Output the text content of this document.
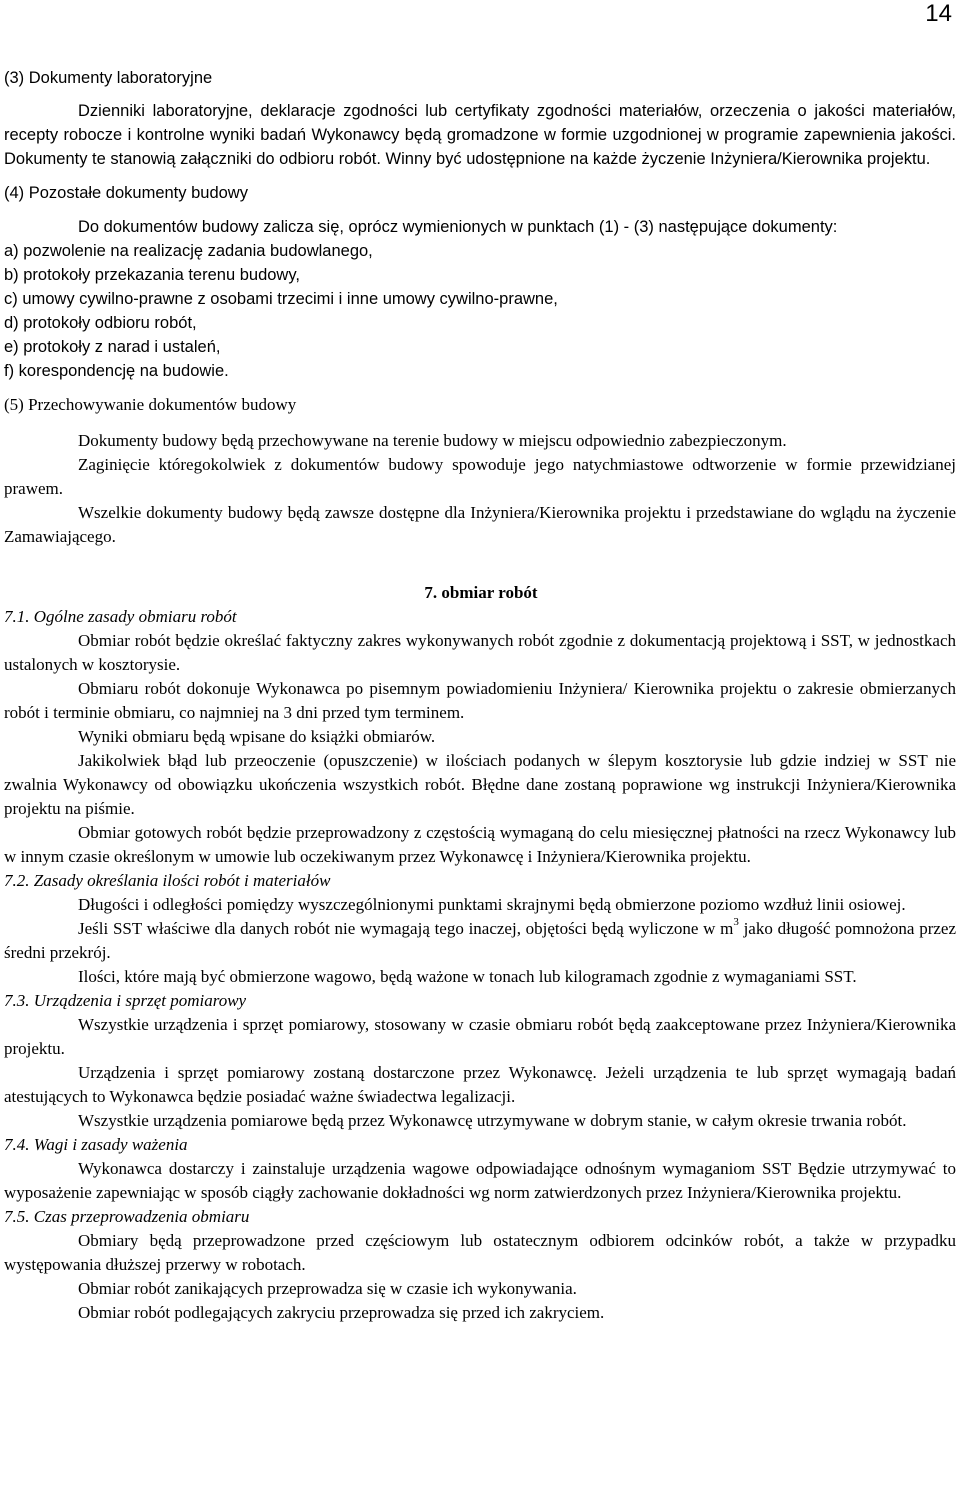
14

(3) Dokumenty laboratoryjne

Dzienniki laboratoryjne, deklaracje zgodności lub certyfikaty zgodności materiałów, orzeczenia o jakości materiałów, recepty robocze i kontrolne wyniki badań Wykonawcy będą gromadzone w formie uzgodnionej w programie zapewnienia jakości. Dokumenty te stanowią załączniki do odbioru robót. Winny być udostępnione na każde życzenie Inżyniera/Kierownika projektu.

(4) Pozostałe dokumenty budowy

Do dokumentów budowy zalicza się, oprócz wymienionych w punktach (1) - (3) następujące dokumenty:

a) pozwolenie na realizację zadania budowlanego,
b) protokoły przekazania terenu budowy,
c) umowy cywilno-prawne z osobami trzecimi i inne umowy cywilno-prawne,
d) protokoły odbioru robót,
e) protokoły z narad i ustaleń,
f) korespondencję na budowie.

(5) Przechowywanie dokumentów budowy

Dokumenty budowy będą przechowywane na terenie budowy w miejscu odpowiednio zabezpieczonym.

Zaginięcie któregokolwiek z dokumentów budowy spowoduje jego natychmiastowe odtworzenie w formie przewidzianej prawem.

Wszelkie dokumenty budowy będą zawsze dostępne dla Inżyniera/Kierownika projektu i przedstawiane do wglądu na życzenie Zamawiającego.

7. obmiar robót

7.1. Ogólne zasady obmiaru robót

Obmiar robót będzie określać faktyczny zakres wykonywanych robót zgodnie z dokumentacją projektową i SST, w jednostkach ustalonych w kosztorysie.

Obmiaru robót dokonuje Wykonawca po pisemnym powiadomieniu Inżyniera/ Kierownika projektu o zakresie obmierzanych robót i terminie obmiaru, co najmniej na 3 dni przed tym terminem.

Wyniki obmiaru będą wpisane do książki obmiarów.

Jakikolwiek błąd lub przeoczenie (opuszczenie) w ilościach podanych w ślepym kosztorysie lub gdzie indziej w SST nie zwalnia Wykonawcy od obowiązku ukończenia wszystkich robót. Błędne dane zostaną poprawione wg instrukcji Inżyniera/Kierownika projektu na piśmie.

Obmiar gotowych robót będzie przeprowadzony z częstością wymaganą do celu miesięcznej płatności na rzecz Wykonawcy lub w innym czasie określonym w umowie lub oczekiwanym przez Wykonawcę i Inżyniera/Kierownika projektu.

7.2. Zasady określania ilości robót i materiałów

Długości i odległości pomiędzy wyszczególnionymi punktami skrajnymi będą obmierzone poziomo wzdłuż linii osiowej.

Jeśli SST właściwe dla danych robót nie wymagają tego inaczej, objętości będą wyliczone w $m^3$ jako długość pomnożona przez średni przekrój.

Ilości, które mają być obmierzone wagowo, będą ważone w tonach lub kilogramach zgodnie z wymaganiami SST.

7.3. Urządzenia i sprzęt pomiarowy

Wszystkie urządzenia i sprzęt pomiarowy, stosowany w czasie obmiaru robót będą zaakceptowane przez Inżyniera/Kierownika projektu.

Urządzenia i sprzęt pomiarowy zostaną dostarczone przez Wykonawcę. Jeżeli urządzenia te lub sprzęt wymagają badań atestujących to Wykonawca będzie posiadać ważne świadectwa legalizacji.

Wszystkie urządzenia pomiarowe będą przez Wykonawcę utrzymywane w dobrym stanie, w całym okresie trwania robót.

7.4. Wagi i zasady ważenia

Wykonawca dostarczy i zainstaluje urządzenia wagowe odpowiadające odnośnym wymaganiom SST Będzie utrzymywać to wyposażenie zapewniając w sposób ciągły zachowanie dokładności wg norm zatwierdzonych przez Inżyniera/Kierownika projektu.

7.5. Czas przeprowadzenia obmiaru

Obmiary będą przeprowadzone przed częściowym lub ostatecznym odbiorem odcinków robót, a także w przypadku występowania dłuższej przerwy w robotach.

Obmiar robót zanikających przeprowadza się w czasie ich wykonywania.

Obmiar robót podlegających zakryciu przeprowadza się przed ich zakryciem.
